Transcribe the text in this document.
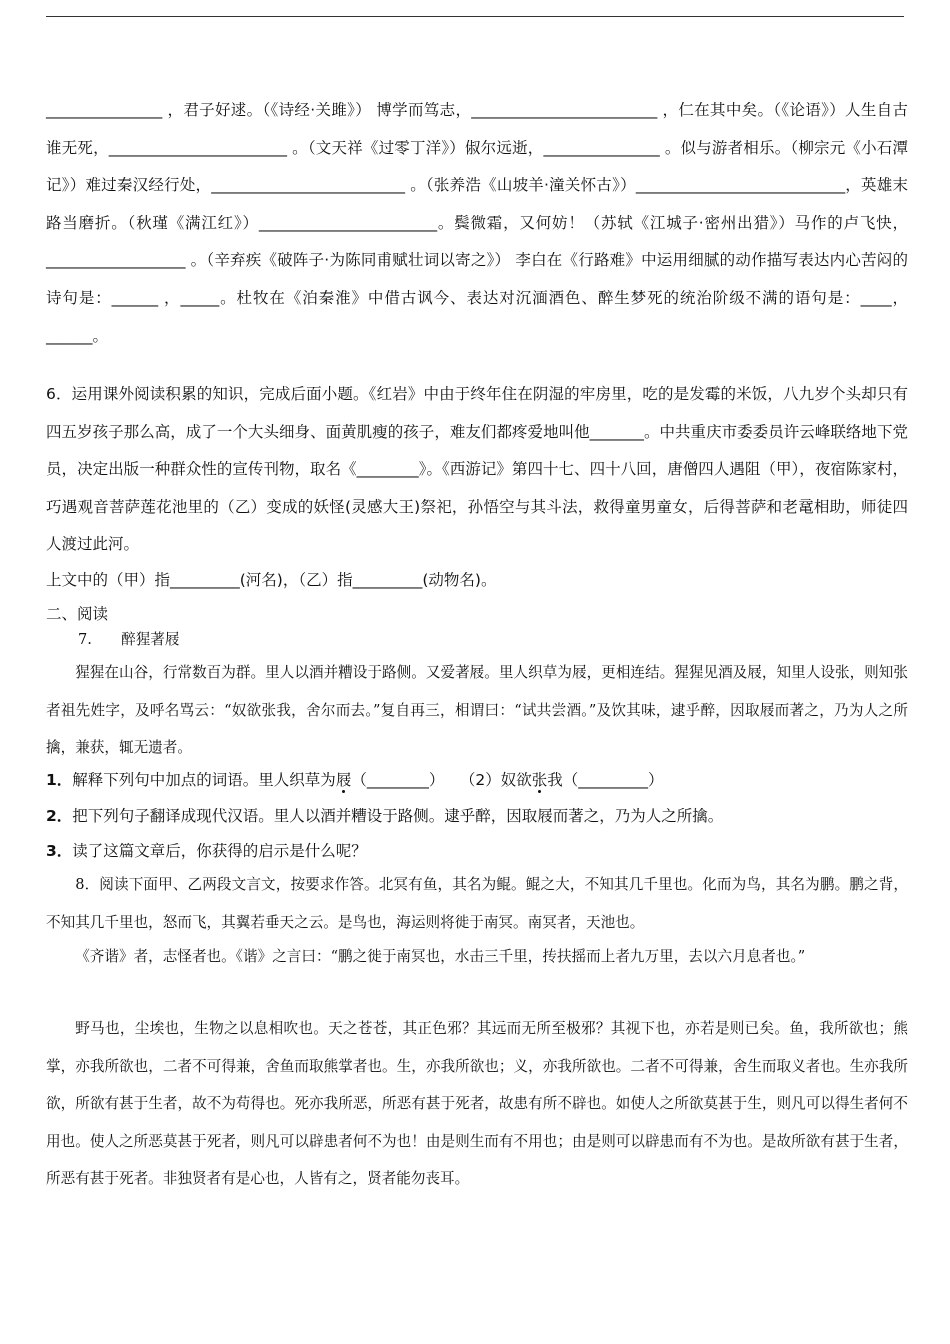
_______________ ，君子好逑。（《诗经·关雎》） 博学而笃志，________________________ ，仁在其中矣。（《论语》）人生自古谁无死，_______________________ 。（文天祥《过零丁洋》）俶尔远逝，_______________ 。似与游者相乐。（柳宗元《小石潭记》）难过秦汉经行处，_________________________ 。（张养浩《山坡羊·潼关怀古》）___________________________，英雄末路当磨折。（秋瑾《满江红》）_______________________。鬓微霜，又何妨！（苏轼《江城子·密州出猎》）马作的卢飞快，__________________ 。（辛弃疾《破阵子·为陈同甫赋壮词以寄之》） 李白在《行路难》中运用细腻的动作描写表达内心苦闷的诗句是：______ ，_____。杜牧在《泊秦淮》中借古讽今、表达对沉湎酒色、醉生梦死的统治阶级不满的语句是：____，______。

6．运用课外阅读积累的知识，完成后面小题。《红岩》中由于终年住在阴湿的牢房里，吃的是发霉的米饭，八九岁个头却只有四五岁孩子那么高，成了一个大头细身、面黄肌瘦的孩子，难友们都疼爱地叫他_______。中共重庆市委委员许云峰联络地下党员，决定出版一种群众性的宣传刊物，取名《________》。《西游记》第四十七、四十八回，唐僧四人遇阻（甲），夜宿陈家村，巧遇观音菩萨莲花池里的（乙）变成的妖怪(灵感大王)祭祀，孙悟空与其斗法，救得童男童女，后得菩萨和老鼋相助，师徒四人渡过此河。

上文中的（甲）指_________(河名)，（乙）指_________(动物名)。

二、阅读

7.　　醉猩著屐

猩猩在山谷，行常数百为群。里人以酒并糟设于路侧。又爱著屐。里人织草为屐，更相连结。猩猩见酒及屐，知里人设张，则知张者祖先姓字，及呼名骂云：“奴欲张我，舍尔而去。”复自再三，相谓曰：“试共尝酒。”及饮其味，逮乎醉，因取屐而著之，乃为人之所擒，兼获，辄无遗者。

1．解释下列句中加点的词语。里人织草为屐（________）　　（2）奴欲张我（_________）

2．把下列句子翻译成现代汉语。里人以酒并糟设于路侧。逮乎醉，因取屐而著之，乃为人之所擒。

3．读了这篇文章后，你获得的启示是什么呢？

8．阅读下面甲、乙两段文言文，按要求作答。北冥有鱼，其名为鲲。鲲之大，不知其几千里也。化而为鸟，其名为鹏。鹏之背，不知其几千里也，怒而飞，其翼若垂天之云。是鸟也，海运则将徙于南冥。南冥者，天池也。

《齐谐》者，志怪者也。《谐》之言曰：“鹏之徙于南冥也，水击三千里，抟扶摇而上者九万里，去以六月息者也。”

野马也，尘埃也，生物之以息相吹也。天之苍苍，其正色邪？其远而无所至极邪？其视下也，亦若是则已矣。鱼，我所欲也；熊掌，亦我所欲也，二者不可得兼，舍鱼而取熊掌者也。生，亦我所欲也；义，亦我所欲也。二者不可得兼，舍生而取义者也。生亦我所欲，所欲有甚于生者，故不为苟得也。死亦我所恶，所恶有甚于死者，故患有所不辟也。如使人之所欲莫甚于生，则凡可以得生者何不用也。使人之所恶莫甚于死者，则凡可以辟患者何不为也！由是则生而有不用也；由是则可以辟患而有不为也。是故所欲有甚于生者，所恶有甚于死者。非独贤者有是心也，人皆有之，贤者能勿丧耳。
